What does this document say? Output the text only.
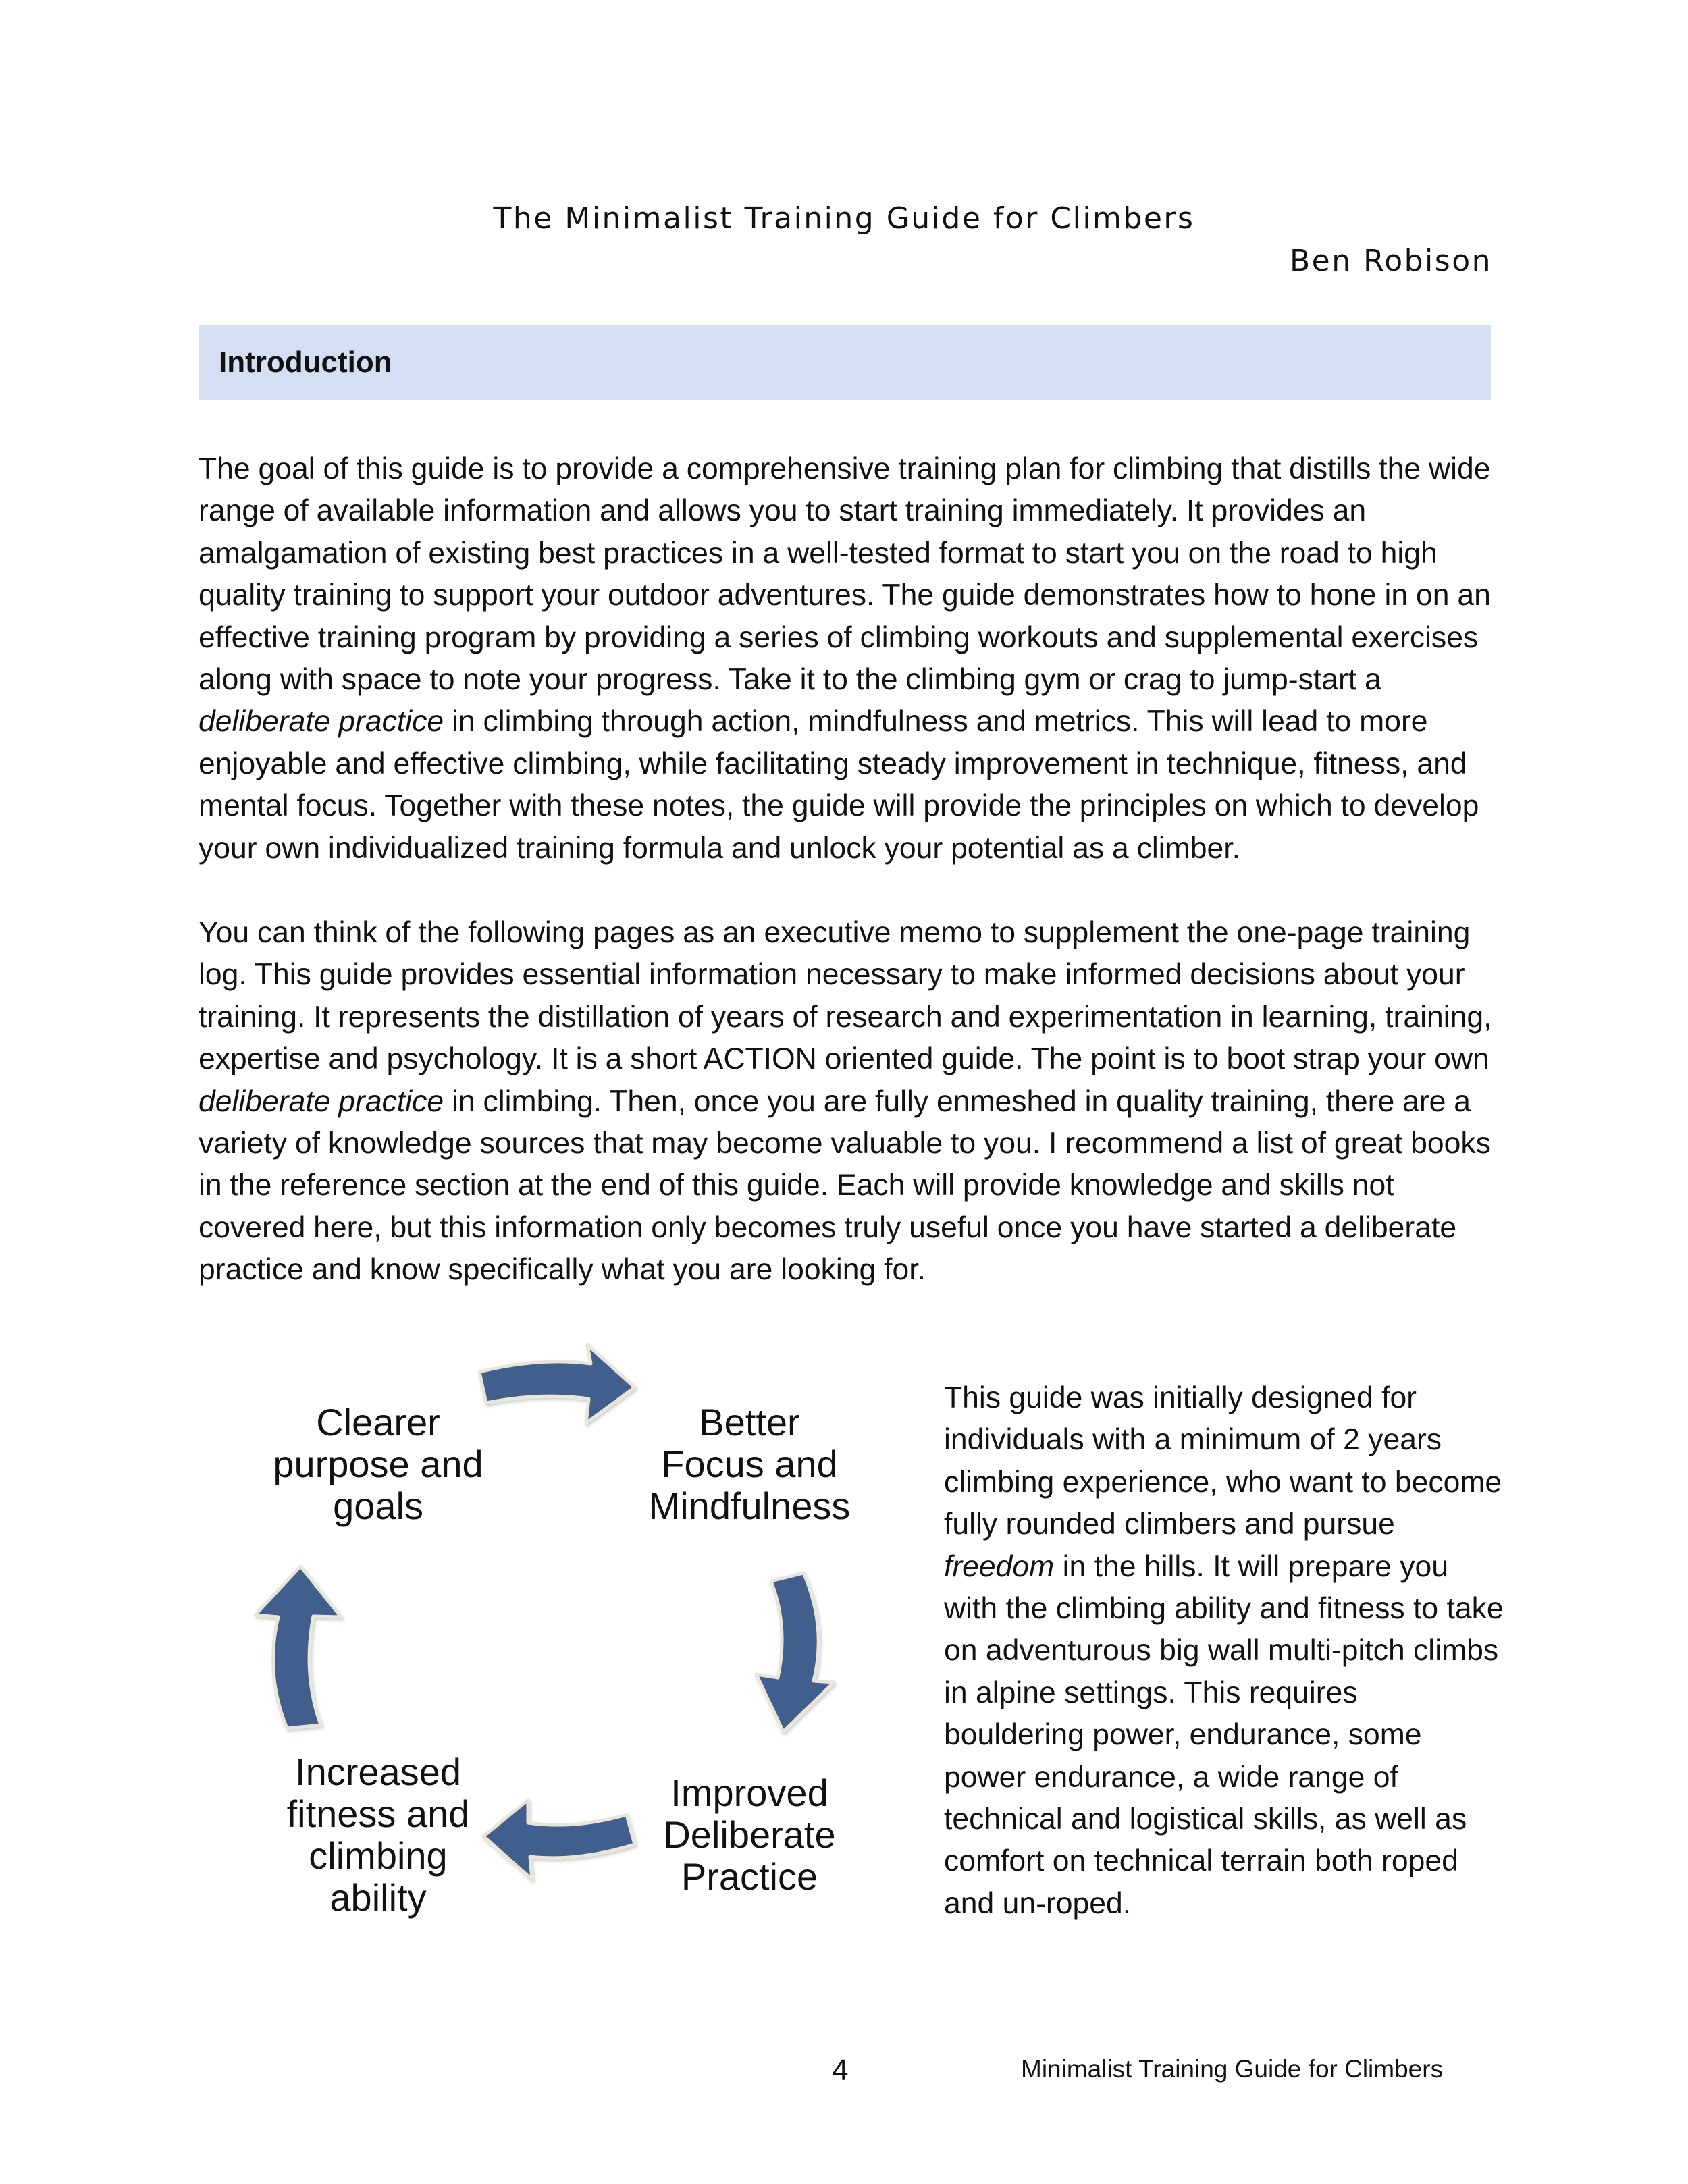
The Minimalist Training Guide for Climbers

Ben Robison

Introduction

The goal of this guide is to provide a comprehensive training plan for climbing that distills the wide range of available information and allows you to start training immediately. It provides an amalgamation of existing best practices in a well-tested format to start you on the road to high quality training to support your outdoor adventures. The guide demonstrates how to hone in on an effective training program by providing a series of climbing workouts and supplemental exercises along with space to note your progress. Take it to the climbing gym or crag to jump-start a deliberate practice in climbing through action, mindfulness and metrics. This will lead to more enjoyable and effective climbing, while facilitating steady improvement in technique, fitness, and mental focus. Together with these notes, the guide will provide the principles on which to develop your own individualized training formula and unlock your potential as a climber.

You can think of the following pages as an executive memo to supplement the one-page training log. This guide provides essential information necessary to make informed decisions about your training. It represents the distillation of years of research and experimentation in learning, training, expertise and psychology. It is a short ACTION oriented guide. The point is to boot strap your own deliberate practice in climbing. Then, once you are fully enmeshed in quality training, there are a variety of knowledge sources that may become valuable to you. I recommend a list of great books in the reference section at the end of this guide. Each will provide knowledge and skills not covered here, but this information only becomes truly useful once you have started a deliberate practice and know specifically what you are looking for.

Clearer
purpose and
goals
Better
Focus and
Mindfulness
Improved
Deliberate
Practice
Increased
fitness and
climbing
ability

This guide was initially designed for individuals with a minimum of 2 years climbing experience, who want to become fully rounded climbers and pursue freedom in the hills. It will prepare you with the climbing ability and fitness to take on adventurous big wall multi-pitch climbs in alpine settings. This requires bouldering power, endurance, some power endurance, a wide range of technical and logistical skills, as well as comfort on technical terrain both roped and un-roped.

4	Minimalist Training Guide for Climbers
